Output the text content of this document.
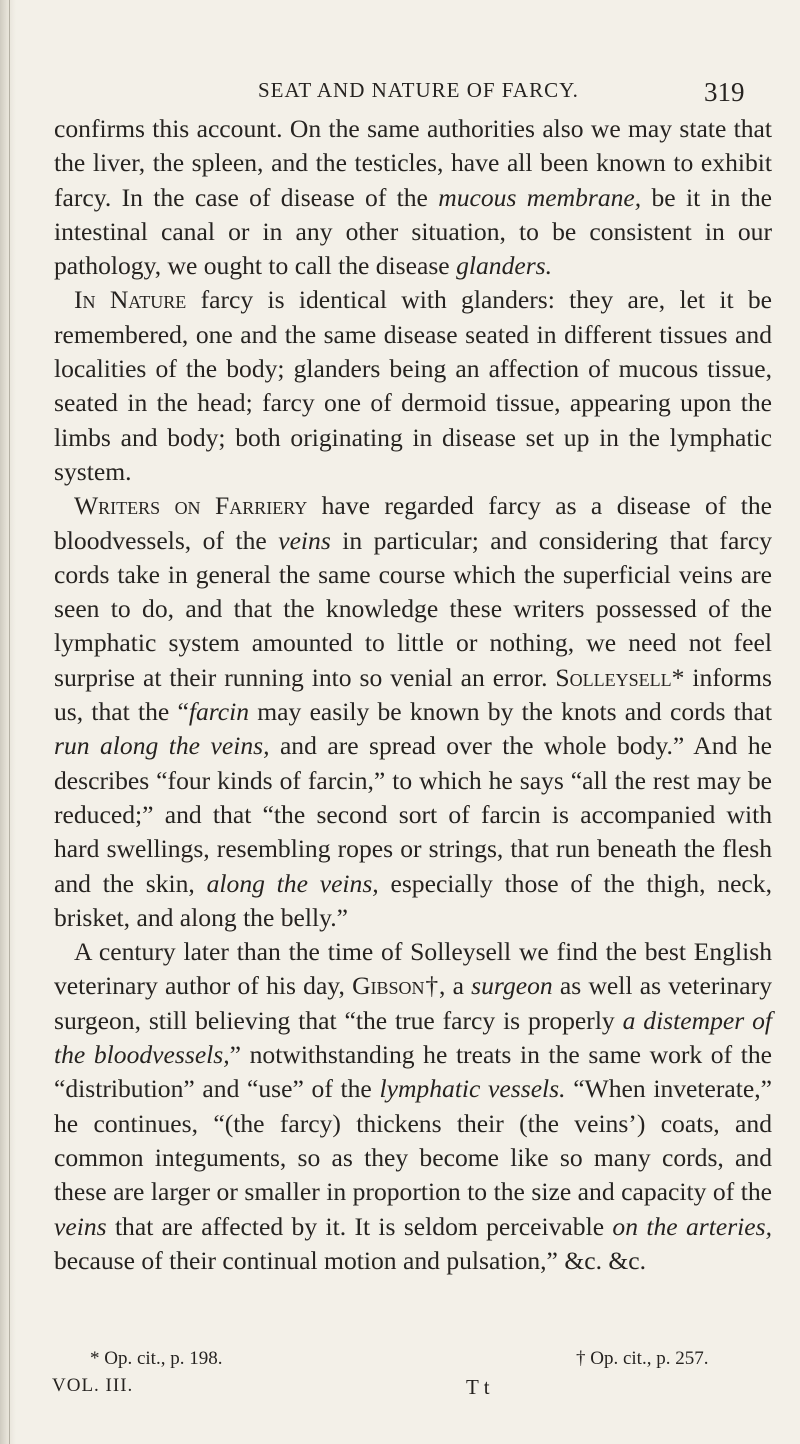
SEAT AND NATURE OF FARCY.	319

confirms this account. On the same authorities also we may state that the liver, the spleen, and the testicles, have all been known to exhibit farcy. In the case of disease of the mucous membrane, be it in the intestinal canal or in any other situation, to be consistent in our pathology, we ought to call the disease glanders.

In Nature farcy is identical with glanders: they are, let it be remembered, one and the same disease seated in different tissues and localities of the body; glanders being an affection of mucous tissue, seated in the head; farcy one of dermoid tissue, appearing upon the limbs and body; both originating in disease set up in the lymphatic system.

Writers on Farriery have regarded farcy as a disease of the bloodvessels, of the veins in particular; and considering that farcy cords take in general the same course which the superficial veins are seen to do, and that the knowledge these writers possessed of the lymphatic system amounted to little or nothing, we need not feel surprise at their running into so venial an error. Solleysell* informs us, that the “farcin may easily be known by the knots and cords that run along the veins, and are spread over the whole body.” And he describes “four kinds of farcin,” to which he says “all the rest may be reduced;” and that “the second sort of farcin is accompanied with hard swellings, resembling ropes or strings, that run beneath the flesh and the skin, along the veins, especially those of the thigh, neck, brisket, and along the belly.”

A century later than the time of Solleysell we find the best English veterinary author of his day, Gibson†, a surgeon as well as veterinary surgeon, still believing that “the true farcy is properly a distemper of the bloodvessels,” notwithstanding he treats in the same work of the “distribution” and “use” of the lymphatic vessels. “When inveterate,” he continues, “(the farcy) thickens their (the veins’) coats, and common integuments, so as they become like so many cords, and these are larger or smaller in proportion to the size and capacity of the veins that are affected by it. It is seldom perceivable on the arteries, because of their continual motion and pulsation,” &c. &c.

* Op. cit., p. 198.	† Op. cit., p. 257.
VOL. III.	T t
